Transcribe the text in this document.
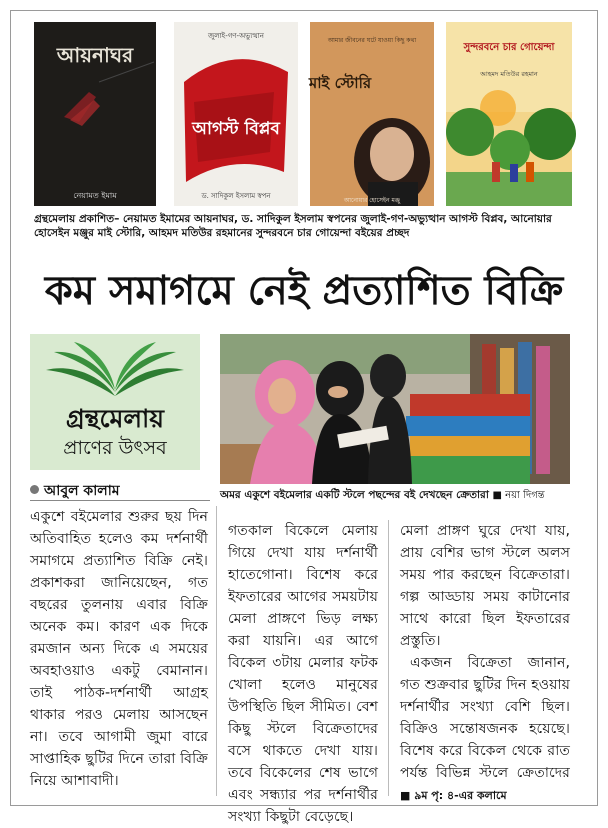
আয়নাঘর
নেয়ামত ইমাম
জুলাই-গণ-অভ্যুত্থান
আগস্ট বিপ্লব
ড. সাদিকুল ইসলাম স্বপন
আমার জীবনের ঘটে যাওয়া কিছু কথা
মাই স্টোরি
আনোয়ার হোসেইন মঞ্জু
সুন্দরবনে চার গোয়েন্দা
আহমদ মতিউর রহমান
গ্রন্থমেলায় প্রকাশিত– নেয়ামত ইমামের আয়নাঘর, ড. সাদিকুল ইসলাম স্বপনের জুলাই-গণ-অভ্যুত্থান আগস্ট বিপ্লব, আনোয়ার হোসেইন মঞ্জুর মাই স্টোরি, আহমদ মতিউর রহমানের সুন্দরবনে চার গোয়েন্দা বইয়ের প্রচ্ছদ
কম সমাগমে নেই প্রত্যাশিত বিক্রি
গ্রন্থমেলায়
প্রাণের উৎসব
আবুল কালাম	অমর একুশে বইমেলার একটি স্টলে পছন্দের বই দেখছেন ক্রেতারা ■ নয়া দিগন্ত

একুশে বইমেলার শুরুর ছয় দিন অতিবাহিত হলেও কম দর্শনার্থী সমাগমে প্রত্যাশিত বিক্রি নেই। প্রকাশকরা জানিয়েছেন, গত বছরের তুলনায় এবার বিক্রি অনেক কম। কারণ এক দিকে রমজান অন্য দিকে এ সময়ের অবহাওয়াও একটু বেমানান। তাই পাঠক-দর্শনার্থী আগ্রহ থাকার পরও মেলায় আসছেন না। তবে আগামী জুমা বারে সাপ্তাহিক ছুটির দিনে তারা বিক্রি নিয়ে আশাবাদী।

গতকাল বিকেলে মেলায় গিয়ে দেখা যায় দর্শনার্থী হাতেগোনা। বিশেষ করে ইফতারের আগের সময়টায় মেলা প্রাঙ্গণে ভিড় লক্ষ্য করা যায়নি। এর আগে বিকেল ৩টায় মেলার ফটক খোলা হলেও মানুষের উপস্থিতি ছিল সীমিত। বেশ কিছু স্টলে বিক্রেতাদের বসে থাকতে দেখা যায়। তবে বিকেলের শেষ ভাগে এবং সন্ধ্যার পর দর্শনার্থীর সংখ্যা কিছুটা বেড়েছে।

মেলা প্রাঙ্গণ ঘুরে দেখা যায়, প্রায় বেশির ভাগ স্টলে অলস সময় পার করছেন বিক্রেতারা। গল্প আড্ডায় সময় কাটানোর সাথে কারো ছিল ইফতারের প্রস্তুতি।

একজন বিক্রেতা জানান, গত শুক্রবার ছুটির দিন হওয়ায় দর্শনার্থীর সংখ্যা বেশি ছিল। বিক্রিও সন্তোষজনক হয়েছে। বিশেষ করে বিকেল থেকে রাত পর্যন্ত বিভিন্ন স্টলে ক্রেতাদের ■ ৯ম পৃ: ৪-এর কলামে
